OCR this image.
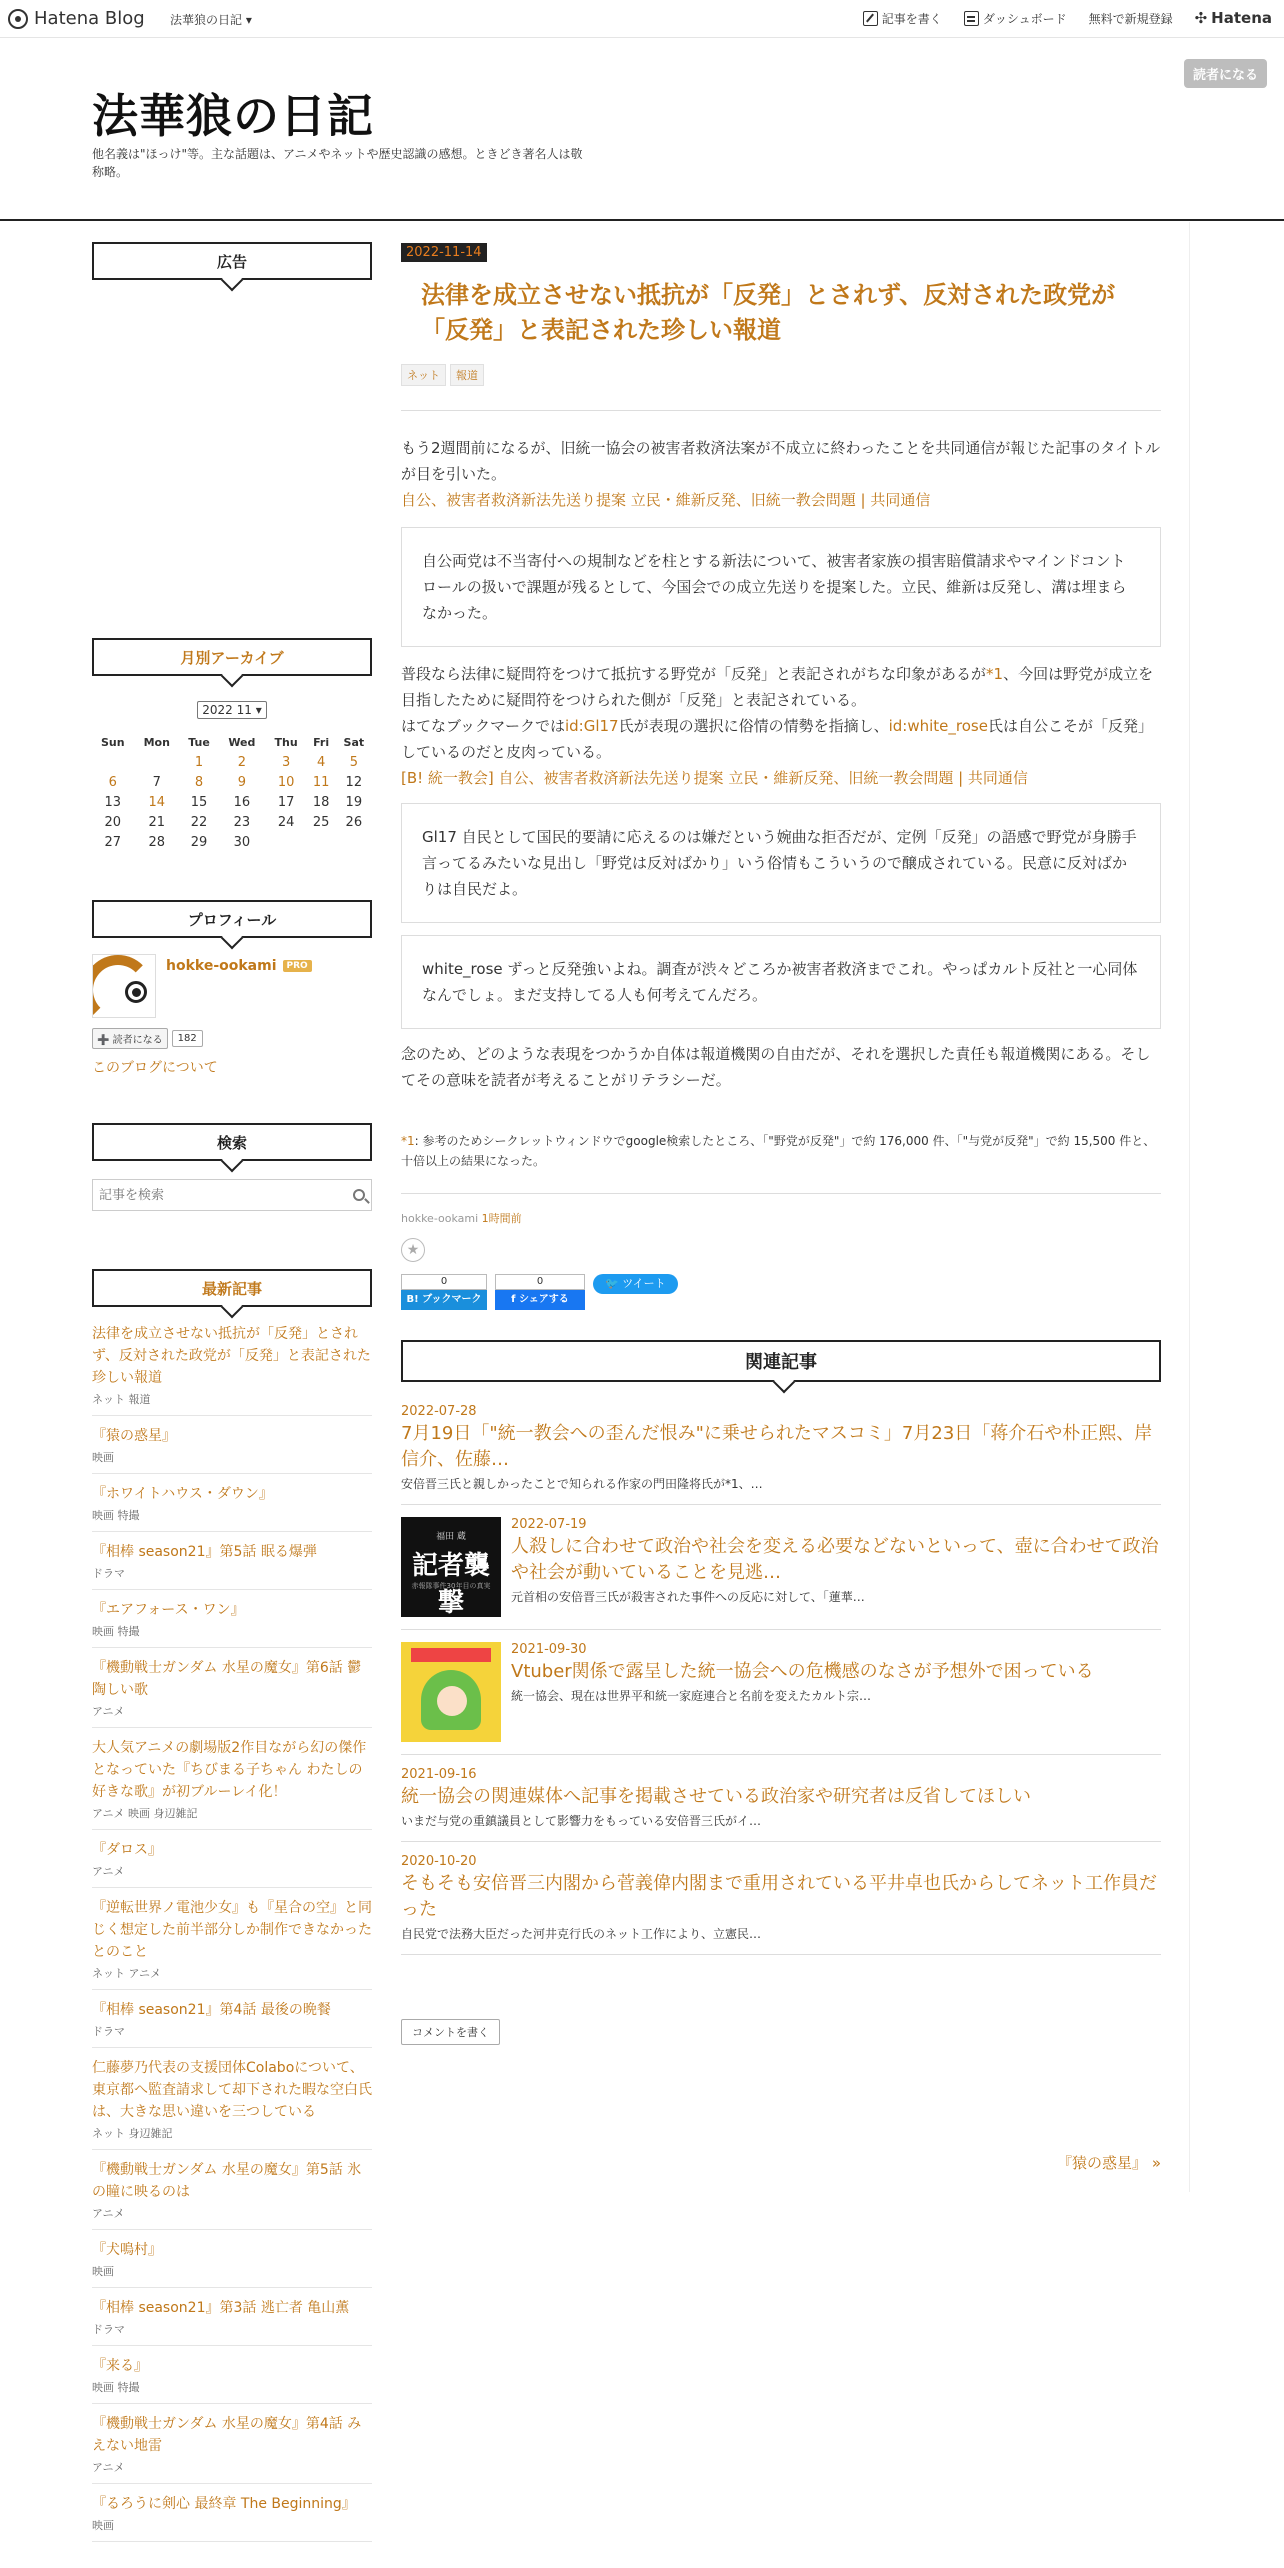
Hatena Blog 法華狼の日記 ▾	記事を書く	ダッシュボード 無料で新規登録 ✣ Hatena
法華狼の日記
他名義は"ほっけ"等。主な話題は、アニメやネットや歴史認識の感想。ときどき著名人は敬称略。
読者になる
広告
月別アーカイブ
2022 11 ▾
Sun	Mon	Tue	Wed	Thu	Fri	Sat
		1	2	3	4	5
6	7	8	9	10	11	12
13	14	15	16	17	18	19
20	21	22	23	24	25	26
27	28	29	30			
プロフィール
hokke-ookami PRO
➕ 読者になる	182
このブログについて
検索
記事を検索
最新記事
法律を成立させない抵抗が「反発」とされず、反対された政党が「反発」と表記された珍しい報道
ネット 報道
『猿の惑星』
映画
『ホワイトハウス・ダウン』
映画 特撮
『相棒 season21』第5話 眠る爆弾
ドラマ
『エアフォース・ワン』
映画 特撮
『機動戦士ガンダム 水星の魔女』第6話 鬱陶しい歌
アニメ
大人気アニメの劇場版2作目ながら幻の傑作となっていた『ちびまる子ちゃん わたしの好きな歌』が初ブルーレイ化！
アニメ 映画 身辺雑記
『ダロス』
アニメ
『逆転世界ノ電池少女』も『星合の空』と同じく想定した前半部分しか制作できなかったとのこと
ネット アニメ
『相棒 season21』第4話 最後の晩餐
ドラマ
仁藤夢乃代表の支援団体Colaboについて、東京都へ監査請求して却下された暇な空白氏は、大きな思い違いを三つしている
ネット 身辺雑記
『機動戦士ガンダム 水星の魔女』第5話 氷の瞳に映るのは
アニメ
『犬鳴村』
映画
『相棒 season21』第3話 逃亡者 亀山薫
ドラマ
『来る』
映画 特撮
『機動戦士ガンダム 水星の魔女』第4話 みえない地雷
アニメ
『るろうに剣心 最終章 The Beginning』
映画
2022-11-14
法律を成立させない抵抗が「反発」とされず、反対された政党が「反発」と表記された珍しい報道
ネット	報道
もう2週間前になるが、旧統一協会の被害者救済法案が不成立に終わったことを共同通信が報じた記事のタイトルが目を引いた。
自公、被害者救済新法先送り提案 立民・維新反発、旧統一教会問題 | 共同通信
自公両党は不当寄付への規制などを柱とする新法について、被害者家族の損害賠償請求やマインドコントロールの扱いで課題が残るとして、今国会での成立先送りを提案した。立民、維新は反発し、溝は埋まらなかった。
普段なら法律に疑問符をつけて抵抗する野党が「反発」と表記されがちな印象があるが*1、今回は野党が成立を目指したために疑問符をつけられた側が「反発」と表記されている。
はてなブックマークではid:Gl17氏が表現の選択に俗情の情勢を指摘し、id:white_rose氏は自公こそが「反発」しているのだと皮肉っている。
[B! 統一教会] 自公、被害者救済新法先送り提案 立民・維新反発、旧統一教会問題 | 共同通信
Gl17 自民として国民的要請に応えるのは嫌だという婉曲な拒否だが、定例「反発」の語感で野党が身勝手言ってるみたいな見出し「野党は反対ばかり」いう俗情もこういうので醸成されている。民意に反対ばかりは自民だよ。
white_rose ずっと反発強いよね。調査が渋々どころか被害者救済までこれ。やっぱカルト反社と一心同体なんでしょ。まだ支持してる人も何考えてんだろ。
念のため、どのような表現をつかうか自体は報道機関の自由だが、それを選択した責任も報道機関にある。そしてその意味を読者が考えることがリテラシーだ。
*1: 参考のためシークレットウィンドウでgoogle検索したところ、「"野党が反発"」で約 176,000 件、「"与党が反発"」で約 15,500 件と、十倍以上の結果になった。
hokke-ookami 1時間前
★
0
B! ブックマーク
0
f シェアする
🐦 ツイート
関連記事
2022-07-28
7月19日「"統一教会への歪んだ恨み"に乗せられたマスコミ」7月23日「蒋介石や朴正熙、岸信介、佐藤…
安倍晋三氏と親しかったことで知られる作家の門田隆将氏が*1、…
福田 蔵
記者襲撃
赤報隊事件30年目の真実
2022-07-19
人殺しに合わせて政治や社会を変える必要などないといって、壺に合わせて政治や社会が動いていることを見逃…
元首相の安倍晋三氏が殺害された事件への反応に対して、「蓮華…
2021-09-30
Vtuber関係で露呈した統一協会への危機感のなさが予想外で困っている
統一協会、現在は世界平和統一家庭連合と名前を変えたカルト宗…
2021-09-16
統一協会の関連媒体へ記事を掲載させている政治家や研究者は反省してほしい
いまだ与党の重鎮議員として影響力をもっている安倍晋三氏がイ…
2020-10-20
そもそも安倍晋三内閣から菅義偉内閣まで重用されている平井卓也氏からしてネット工作員だった
自民党で法務大臣だった河井克行氏のネット工作により、立憲民…
コメントを書く
『猿の惑星』 »
